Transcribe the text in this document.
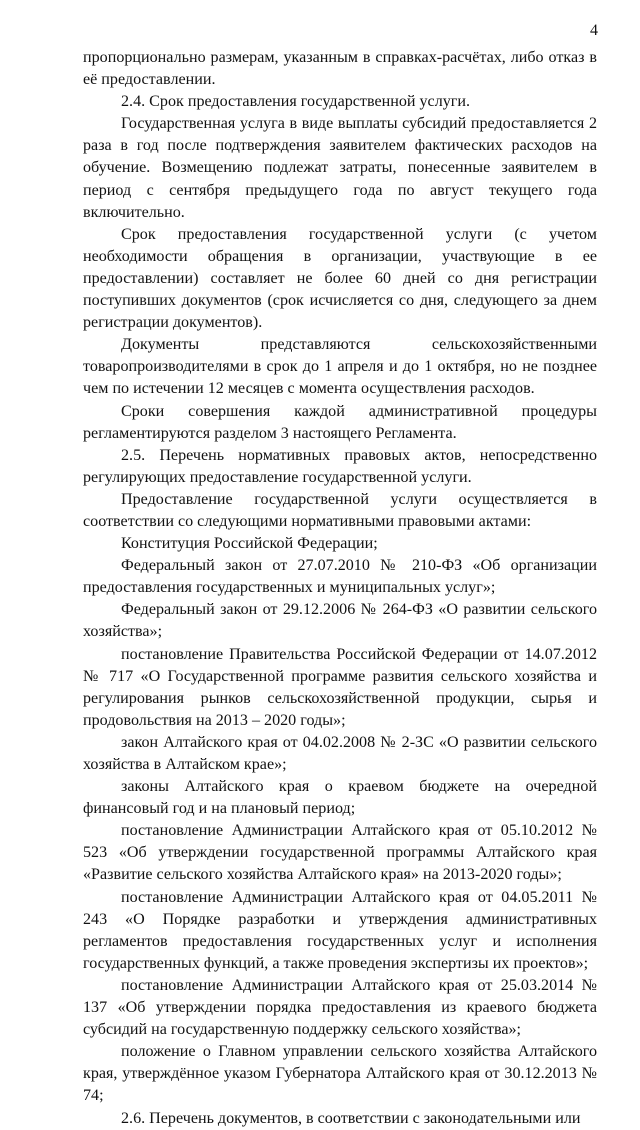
4

пропорционально размерам, указанным в справках-расчётах, либо отказ в её предоставлении.

2.4. Срок предоставления государственной услуги.

Государственная услуга в виде выплаты субсидий предоставляется 2 раза в год после подтверждения заявителем фактических расходов на обучение. Возмещению подлежат затраты, понесенные заявителем в период с сентября предыдущего года по август текущего года включительно.

Срок предоставления государственной услуги (с учетом необходимости обращения в организации, участвующие в ее предоставлении) составляет не более 60 дней со дня регистрации поступивших документов (срок исчисляется со дня, следующего за днем регистрации документов).

Документы представляются сельскохозяйственными товаропроизводителями в срок до 1 апреля и до 1 октября, но не позднее чем по истечении 12 месяцев с момента осуществления расходов.

Сроки совершения каждой административной процедуры регламентируются разделом 3 настоящего Регламента.

2.5. Перечень нормативных правовых актов, непосредственно регулирующих предоставление государственной услуги.

Предоставление государственной услуги осуществляется в соответствии со следующими нормативными правовыми актами:

Конституция Российской Федерации;

Федеральный закон от 27.07.2010 № 210-ФЗ «Об организации предоставления государственных и муниципальных услуг»;

Федеральный закон от 29.12.2006 № 264-ФЗ «О развитии сельского хозяйства»;

постановление Правительства Российской Федерации от 14.07.2012 № 717 «О Государственной программе развития сельского хозяйства и регулирования рынков сельскохозяйственной продукции, сырья и продовольствия на 2013 – 2020 годы»;

закон Алтайского края от 04.02.2008 № 2-ЗС «О развитии сельского хозяйства в Алтайском крае»;

законы Алтайского края о краевом бюджете на очередной финансовый год и на плановый период;

постановление Администрации Алтайского края от 05.10.2012 № 523 «Об утверждении государственной программы Алтайского края «Развитие сельского хозяйства Алтайского края» на 2013-2020 годы»;

постановление Администрации Алтайского края от 04.05.2011 № 243 «О Порядке разработки и утверждения административных регламентов предоставления государственных услуг и исполнения государственных функций, а также проведения экспертизы их проектов»;

постановление Администрации Алтайского края от 25.03.2014 № 137 «Об утверждении порядка предоставления из краевого бюджета субсидий на государственную поддержку сельского хозяйства»;

положение о Главном управлении сельского хозяйства Алтайского края, утверждённое указом Губернатора Алтайского края от 30.12.2013 № 74;

2.6. Перечень документов, в соответствии с законодательными или
